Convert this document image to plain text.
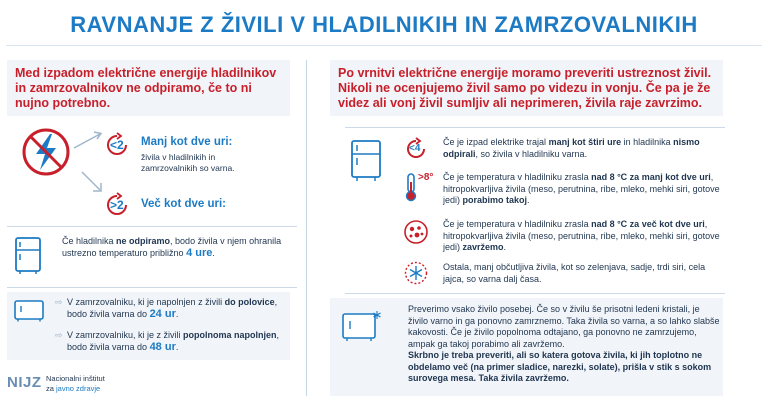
RAVNANJE Z ŽIVILI V HLADILNIKIH IN ZAMRZOVALNIKIH
Med izpadom električne energije hladilnikov in zamrzovalnikov ne odpiramo, če to ni nujno potrebno.
<2 Manj kot dve uri:
živila v hladilnikih in zamrzovalnikih so varna.
>2 Več kot dve uri:
Če hladilnika ne odpiramo, bodo živila v njem ohranila ustrezno temperaturo približno 4 ure.
⇨ V zamrzovalniku, ki je napolnjen z živili do polovice, bodo živila varna do 24 ur.
⇨ V zamrzovalniku, ki je z živili popolnoma napolnjen, bodo živila varna do 48 ur.
NIJZ Nacionalni inštitut
za javno zdravje
Po vrnitvi električne energije moramo preveriti ustreznost živil. Nikoli ne ocenjujemo živil samo po videzu in vonju. Če pa je že videz ali vonj živil sumljiv ali neprimeren, živila raje zavrzimo.
<4
Če je izpad elektrike trajal manj kot štiri ure in hladilnika nismo odpirali, so živila v hladilniku varna.
>8° Če je temperatura v hladilniku zrasla nad 8 °C za manj kot dve uri, hitropokvarljiva živila (meso, perutnina, ribe, mleko, mehki siri, gotove jedi) porabimo takoj.
Če je temperatura v hladilniku zrasla nad 8 °C za več kot dve uri, hitropokvarljiva živila (meso, perutnina, ribe, mleko, mehki siri, gotove jedi) zavržemo.
Ostala, manj občutljiva živila, kot so zelenjava, sadje, trdi siri, cela jajca, so varna dalj časa.
Preverimo vsako živilo posebej. Če so v živilu še prisotni ledeni kristali, je živilo varno in ga ponovno zamrznemo. Taka živila so varna, a so lahko slabše kakovosti. Če je živilo popolnoma odtajano, ga ponovno ne zamrzujemo, ampak ga takoj porabimo ali zavržemo.
Skrbno je treba preveriti, ali so katera gotova živila, ki jih toplotno ne obdelamo več (na primer sladice, narezki, solate), prišla v stik s sokom surovega mesa. Taka živila zavržemo.
